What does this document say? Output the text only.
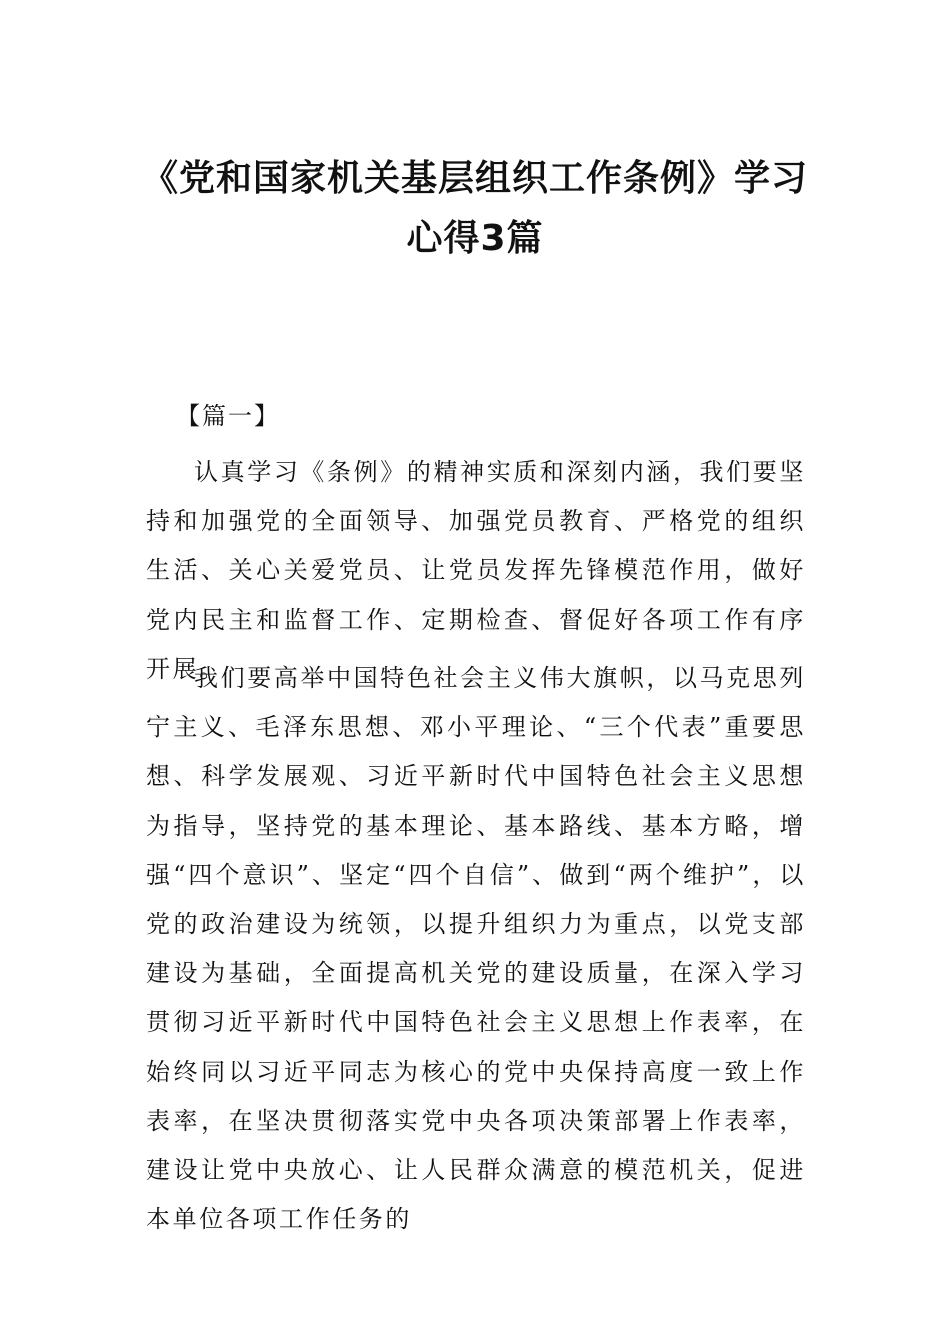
《党和国家机关基层组织工作条例》学习
心得3篇
【篇一】

认真学习《条例》的精神实质和深刻内涵，我们要坚持和加强党的全面领导、加强党员教育、严格党的组织生活、关心关爱党员、让党员发挥先锋模范作用，做好党内民主和监督工作、定期检查、督促好各项工作有序开展。

我们要高举中国特色社会主义伟大旗帜，以马克思列宁主义、毛泽东思想、邓小平理论、“三个代表”重要思想、科学发展观、习近平新时代中国特色社会主义思想为指导，坚持党的基本理论、基本路线、基本方略，增强“四个意识”、坚定“四个自信”、做到“两个维护”，以党的政治建设为统领，以提升组织力为重点，以党支部建设为基础，全面提高机关党的建设质量，在深入学习贯彻习近平新时代中国特色社会主义思想上作表率，在始终同以习近平同志为核心的党中央保持高度一致上作表率，在坚决贯彻落实党中央各项决策部署上作表率，建设让党中央放心、让人民群众满意的模范机关，促进本单位各项工作任务的
